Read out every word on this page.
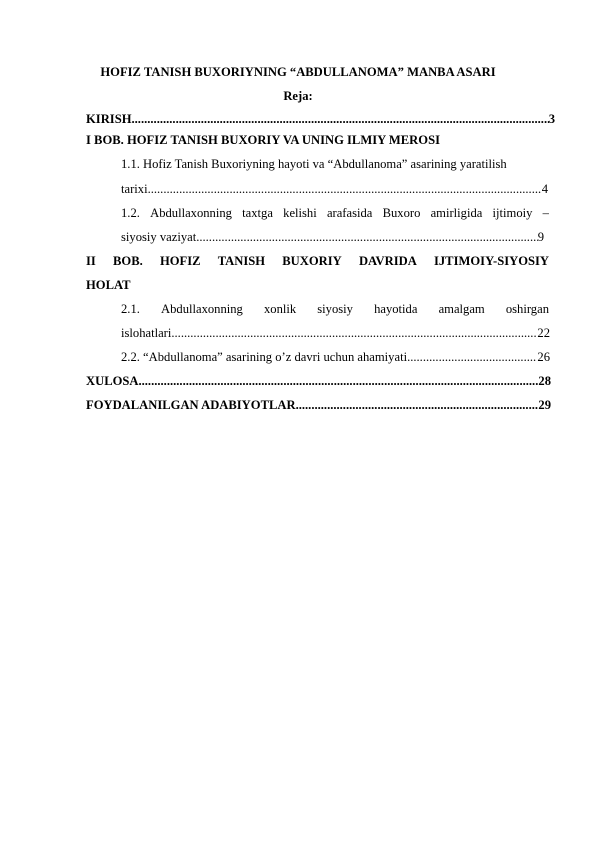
HOFIZ TANISH BUXORIYNING “ABDULLANOMA” MANBA ASARI

Reja:

KIRISH .....	3

I BOB. HOFIZ TANISH BUXORIY VA UNING ILMIY MEROSI

1.1. Hofiz Tanish Buxoriyning hayoti va “Abdullanoma” asarining yaratilish

tarixi .....	4
1.2. Abdullaxonning taxtga kelishi arafasida Buxoro amirligida ijtimoiy –
siyosiy vaziyat .....	9
II BOB. HOFIZ TANISH BUXORIY DAVRIDA IJTIMOIY-SIYOSIY

HOLAT

2.1. Abdullaxonning xonlik siyosiy hayotida amalgam oshirgan
islohatlari .....	22
2.2. “Abdullanoma” asarining o’z davri uchun ahamiyati .....	26
XULOSA .....	28
FOYDALANILGAN ADABIYOTLAR .....	29
